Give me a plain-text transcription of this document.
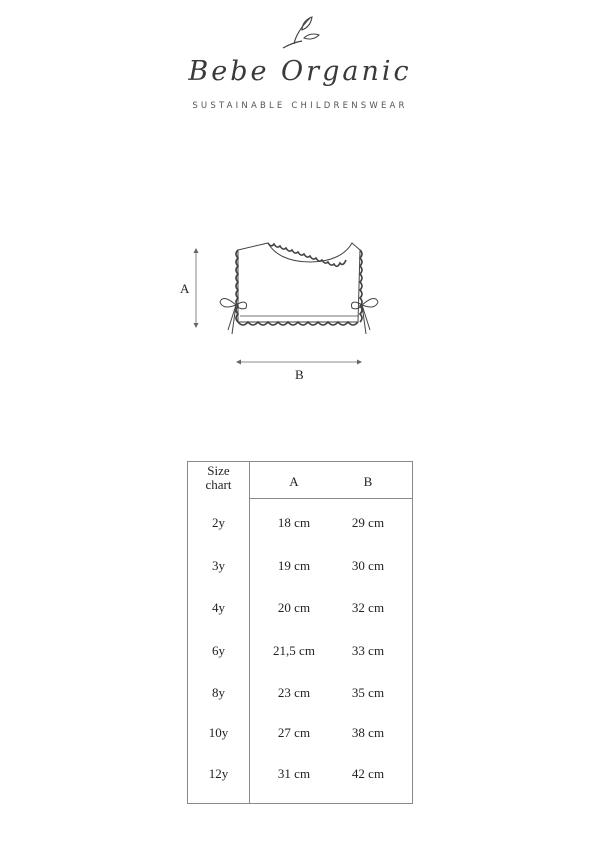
Bebe Organic
SUSTAINABLE CHILDRENSWEAR
A
B
Size
chart	A	B
2y	18 cm	29 cm
3y	19 cm	30 cm
4y	20 cm	32 cm
6y	21,5 cm	33 cm
8y	23 cm	35 cm
10y	27 cm	38 cm
12y	31 cm	42 cm
